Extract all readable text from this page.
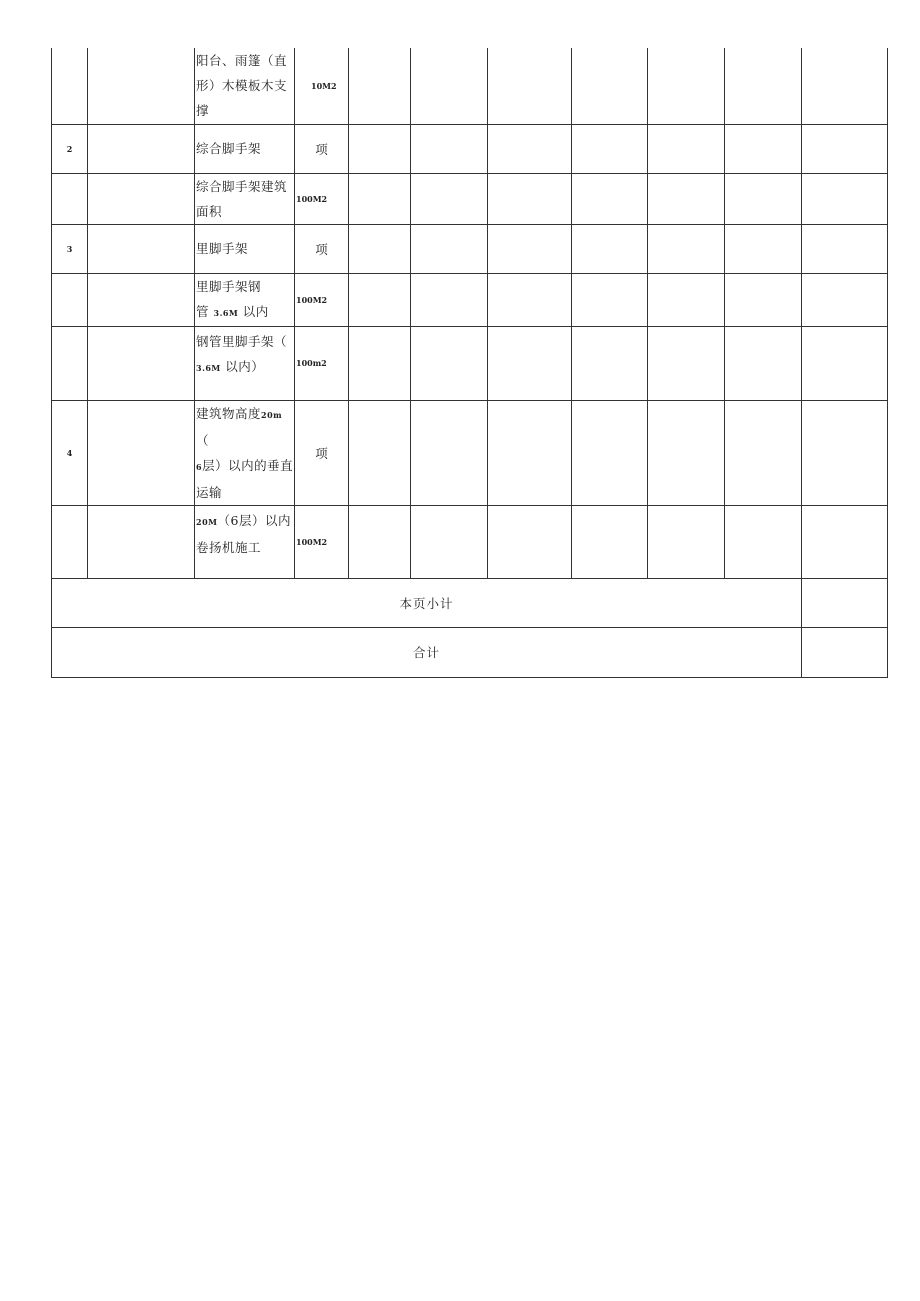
		阳台、雨篷（直
形）木模板木支
撑	10M2							
2		综合脚手架	项							
		综合脚手架建筑
面积	100M2							
3		里脚手架	项							
		里脚手架钢
管 3.6M 以内	100M2							
		钢管里脚手架（
3.6M 以内）	100m2							
4		建筑物高度20m（
6层）以内的垂直
运输	项							
		20M（6层）以内
卷扬机施工	100M2							
本页小计										
合计										
